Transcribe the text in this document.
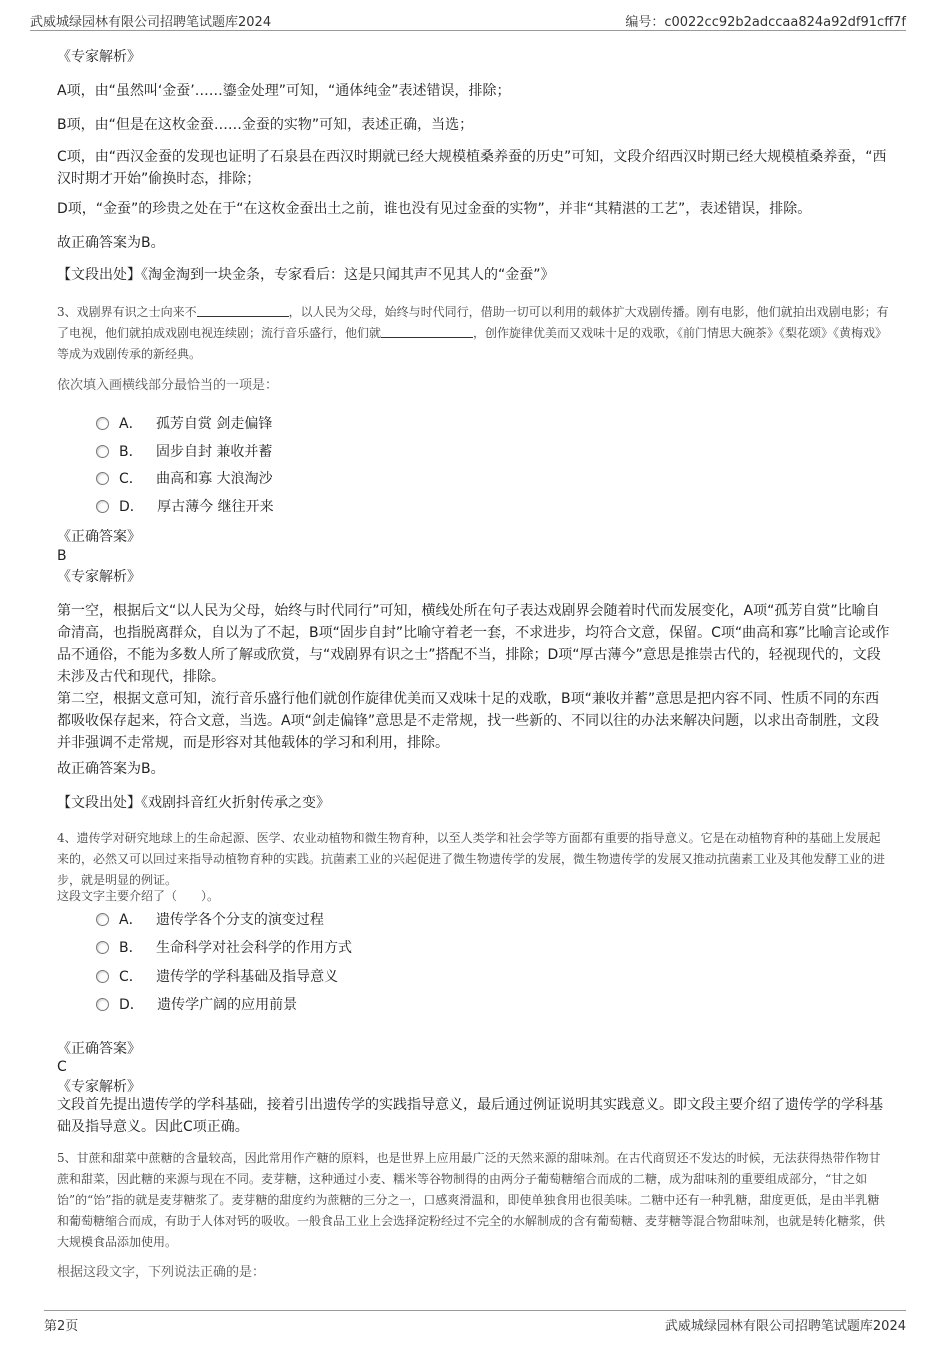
武威城绿园林有限公司招聘笔试题库2024	编号：c0022cc92b2adccaa824a92df91cff7f
《专家解析》
A项，由“虽然叫‘金蚕’……鎏金处理”可知，“通体纯金”表述错误，排除；
B项，由“但是在这枚金蚕……金蚕的实物”可知，表述正确，当选；
C项，由“西汉金蚕的发现也证明了石泉县在西汉时期就已经大规模植桑养蚕的历史”可知，文段介绍西汉时期已经大规模植桑养蚕，“西汉时期才开始”偷换时态，排除；
D项，“金蚕”的珍贵之处在于“在这枚金蚕出土之前，谁也没有见过金蚕的实物”，并非“其精湛的工艺”，表述错误，排除。
故正确答案为B。
【文段出处】《淘金淘到一块金条，专家看后：这是只闻其声不见其人的“金蚕”》
3、戏剧界有识之士向来不	，以人民为父母，始终与时代同行，借助一切可以利用的载体扩大戏剧传播。刚有电影，他们就拍出戏剧电影；有了电视，他们就拍成戏剧电视连续剧；流行音乐盛行，他们就	，创作旋律优美而又戏味十足的戏歌，《前门情思大碗茶》《梨花颂》《黄梅戏》等成为戏剧传承的新经典。
依次填入画横线部分最恰当的一项是：
A． 孤芳自赏 剑走偏锋
B． 固步自封 兼收并蓄
C． 曲高和寡 大浪淘沙
D． 厚古薄今 继往开来
《正确答案》
B
《专家解析》
第一空，根据后文“以人民为父母，始终与时代同行”可知，横线处所在句子表达戏剧界会随着时代而发展变化，A项“孤芳自赏”比喻自命清高，也指脱离群众，自以为了不起，B项“固步自封”比喻守着老一套，不求进步，均符合文意，保留。C项“曲高和寡”比喻言论或作品不通俗，不能为多数人所了解或欣赏，与“戏剧界有识之士”搭配不当，排除；D项“厚古薄今”意思是推崇古代的，轻视现代的，文段未涉及古代和现代，排除。
第二空，根据文意可知，流行音乐盛行他们就创作旋律优美而又戏味十足的戏歌，B项“兼收并蓄”意思是把内容不同、性质不同的东西都吸收保存起来，符合文意，当选。A项“剑走偏锋”意思是不走常规，找一些新的、不同以往的办法来解决问题，以求出奇制胜，文段并非强调不走常规，而是形容对其他载体的学习和利用，排除。
故正确答案为B。
【文段出处】《戏剧抖音红火折射传承之变》
4、遗传学对研究地球上的生命起源、医学、农业动植物和微生物育种，以至人类学和社会学等方面都有重要的指导意义。它是在动植物育种的基础上发展起来的，必然又可以回过来指导动植物育种的实践。抗菌素工业的兴起促进了微生物遗传学的发展，微生物遗传学的发展又推动抗菌素工业及其他发酵工业的进步，就是明显的例证。
这段文字主要介绍了（　　）。
A． 遗传学各个分支的演变过程
B． 生命科学对社会科学的作用方式
C． 遗传学的学科基础及指导意义
D． 遗传学广阔的应用前景
《正确答案》
C
《专家解析》
文段首先提出遗传学的学科基础，接着引出遗传学的实践指导意义，最后通过例证说明其实践意义。即文段主要介绍了遗传学的学科基础及指导意义。因此C项正确。
5、甘蔗和甜菜中蔗糖的含量较高，因此常用作产糖的原料，也是世界上应用最广泛的天然来源的甜味剂。在古代商贸还不发达的时候，无法获得热带作物甘蔗和甜菜，因此糖的来源与现在不同。麦芽糖，这种通过小麦、糯米等谷物制得的由两分子葡萄糖缩合而成的二糖，成为甜味剂的重要组成部分，“甘之如饴”的“饴”指的就是麦芽糖浆了。麦芽糖的甜度约为蔗糖的三分之一，口感爽滑温和，即使单独食用也很美味。二糖中还有一种乳糖，甜度更低，是由半乳糖和葡萄糖缩合而成，有助于人体对钙的吸收。一般食品工业上会选择淀粉经过不完全的水解制成的含有葡萄糖、麦芽糖等混合物甜味剂，也就是转化糖浆，供大规模食品添加使用。
根据这段文字，下列说法正确的是：
第2页	武威城绿园林有限公司招聘笔试题库2024
